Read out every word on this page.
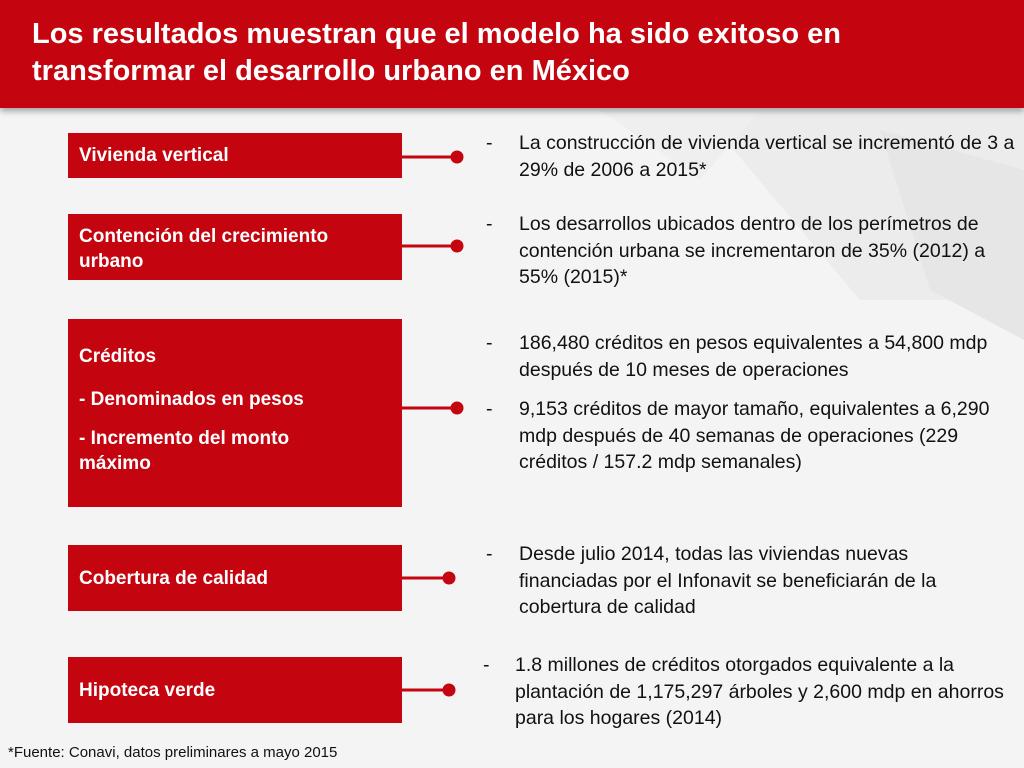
Los resultados muestran que el modelo ha sido exitoso en transformar el desarrollo urbano en México
Vivienda vertical
- La construcción de vivienda vertical se incrementó de 3 a 29% de 2006 a 2015*
Contención del crecimiento urbano
- Los desarrollos ubicados dentro de los perímetros de contención urbana se incrementaron de 35% (2012) a 55% (2015)*
Créditos
- Denominados en pesos
- Incremento del monto máximo
- 186,480 créditos en pesos equivalentes a 54,800 mdp después de 10 meses de operaciones
- 9,153 créditos de mayor tamaño, equivalentes a 6,290 mdp después de 40 semanas de operaciones (229 créditos / 157.2 mdp semanales)
Cobertura de calidad
- Desde julio 2014, todas las viviendas nuevas financiadas por el Infonavit se beneficiarán de la cobertura de calidad
Hipoteca verde
- 1.8 millones de créditos otorgados equivalente a la plantación de 1,175,297 árboles y 2,600 mdp en ahorros para los hogares (2014)
*Fuente: Conavi, datos preliminares a mayo 2015
